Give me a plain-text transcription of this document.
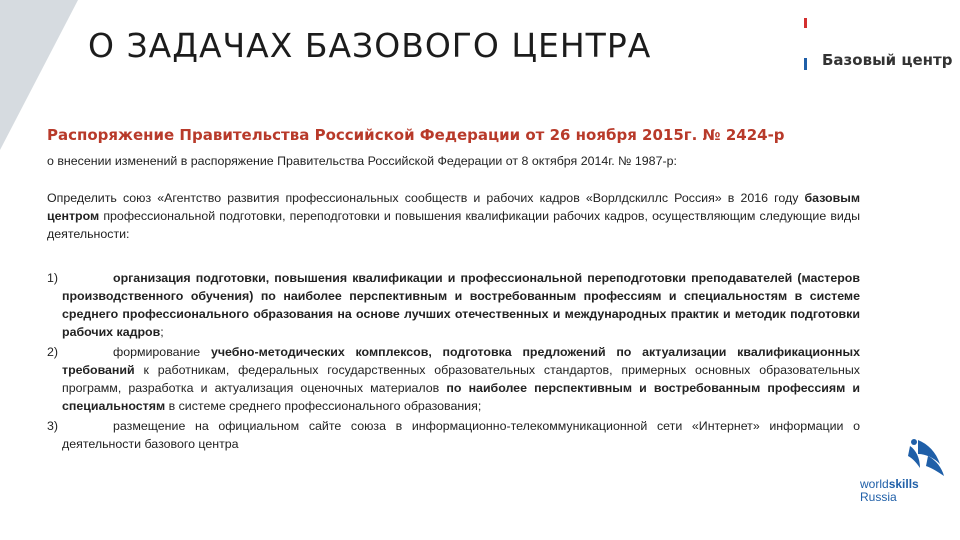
О ЗАДАЧАХ БАЗОВОГО ЦЕНТРА	Базовый центр

Распоряжение Правительства Российской Федерации от 26 ноября 2015г. № 2424-р

о внесении изменений в распоряжение Правительства Российской Федерации от 8 октября 2014г. № 1987-р:

Определить союз «Агентство развития профессиональных сообществ и рабочих кадров «Ворлдскиллс Россия» в 2016 году базовым центром профессиональной подготовки, переподготовки и повышения квалификации рабочих кадров, осуществляющим следующие виды деятельности:

1)	организация подготовки, повышения квалификации и профессиональной переподготовки преподавателей (мастеров производственного обучения) по наиболее перспективным и востребованным профессиям и специальностям в системе среднего профессионального образования на основе лучших отечественных и международных практик и методик подготовки рабочих кадров;
2)	формирование учебно-методических комплексов, подготовка предложений по актуализации квалификационных требований к работникам, федеральных государственных образовательных стандартов, примерных основных образовательных программ, разработка и актуализация оценочных материалов по наиболее перспективным и востребованным профессиям и специальностям в системе среднего профессионального образования;
3)	размещение на официальном сайте союза в информационно-телекоммуникационной сети «Интернет» информации о деятельности базового центра
worldskills
Russia
